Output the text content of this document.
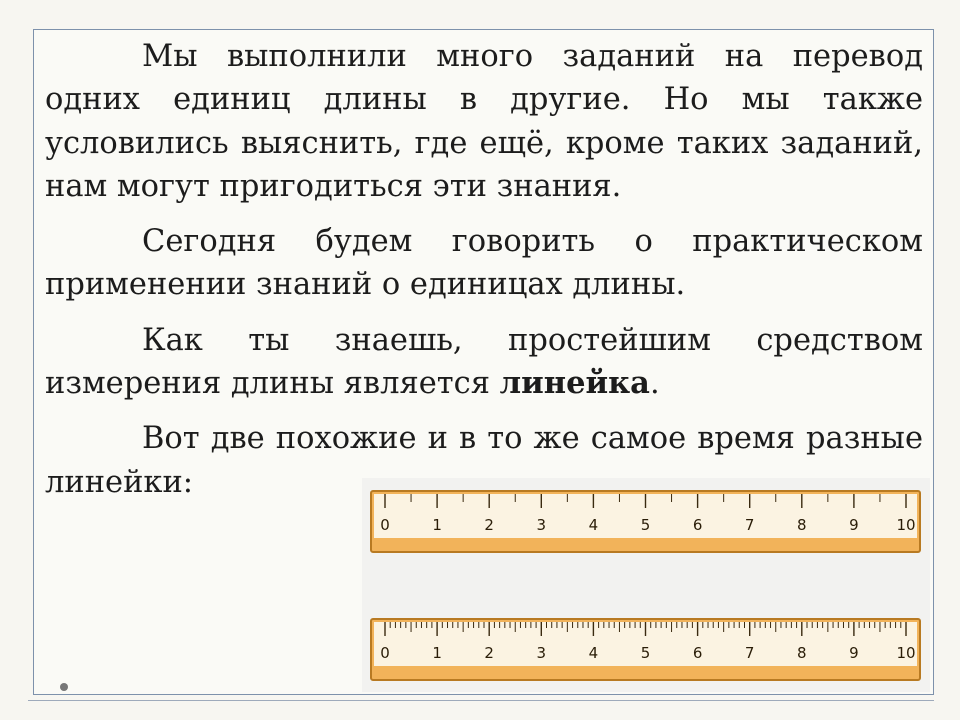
Мы выполнили много заданий на перевод одних единиц длины в другие. Но мы также условились выяснить, где ещё, кроме таких заданий, нам могут пригодиться эти знания.

Сегодня будем говорить о практическом применении знаний о единицах длины.

Как ты знаешь, простейшим средством измерения длины является линейка.

Вот две похожие и в то же самое время разные линейки:

0	1	2	3	4	5	6	7	8	9	10
0	1	2	3	4	5	6	7	8	9	10
